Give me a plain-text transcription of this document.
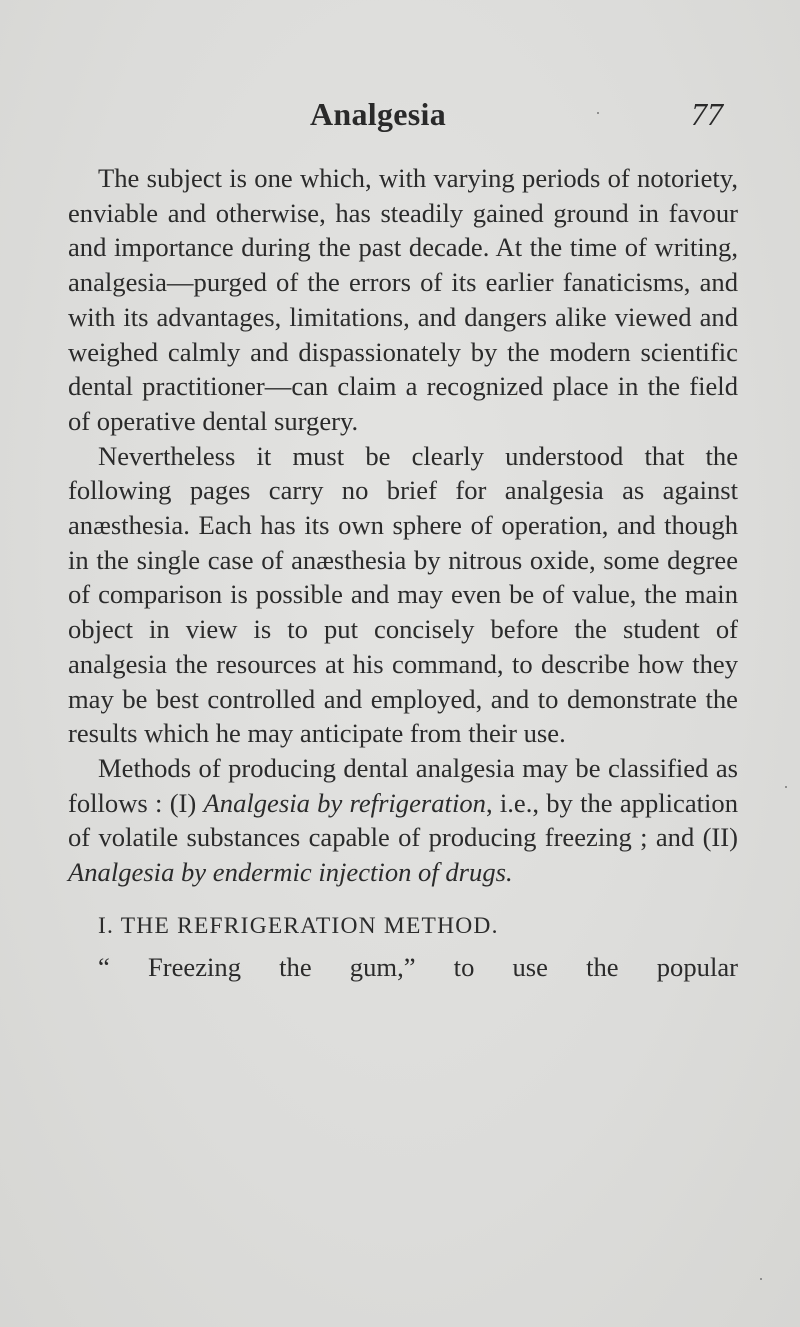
Analgesia	77

The subject is one which, with varying periods of notoriety, enviable and otherwise, has steadily gained ground in favour and importance during the past decade. At the time of writing, analgesia—purged of the errors of its earlier fanaticisms, and with its advantages, limitations, and dangers alike viewed and weighed calmly and dispassionately by the modern scientific dental practitioner—can claim a recognized place in the field of operative dental surgery.

Nevertheless it must be clearly understood that the following pages carry no brief for analgesia as against anæsthesia. Each has its own sphere of operation, and though in the single case of anæsthesia by nitrous oxide, some degree of comparison is possible and may even be of value, the main object in view is to put concisely before the student of analgesia the resources at his command, to describe how they may be best controlled and employed, and to demonstrate the results which he may anticipate from their use.

Methods of producing dental analgesia may be classified as follows : (I) Analgesia by refrigeration, i.e., by the application of volatile substances capable of producing freezing ; and (II) Analgesia by endermic injection of drugs.

I. THE REFRIGERATION METHOD.

“ Freezing the gum,” to use the popular
